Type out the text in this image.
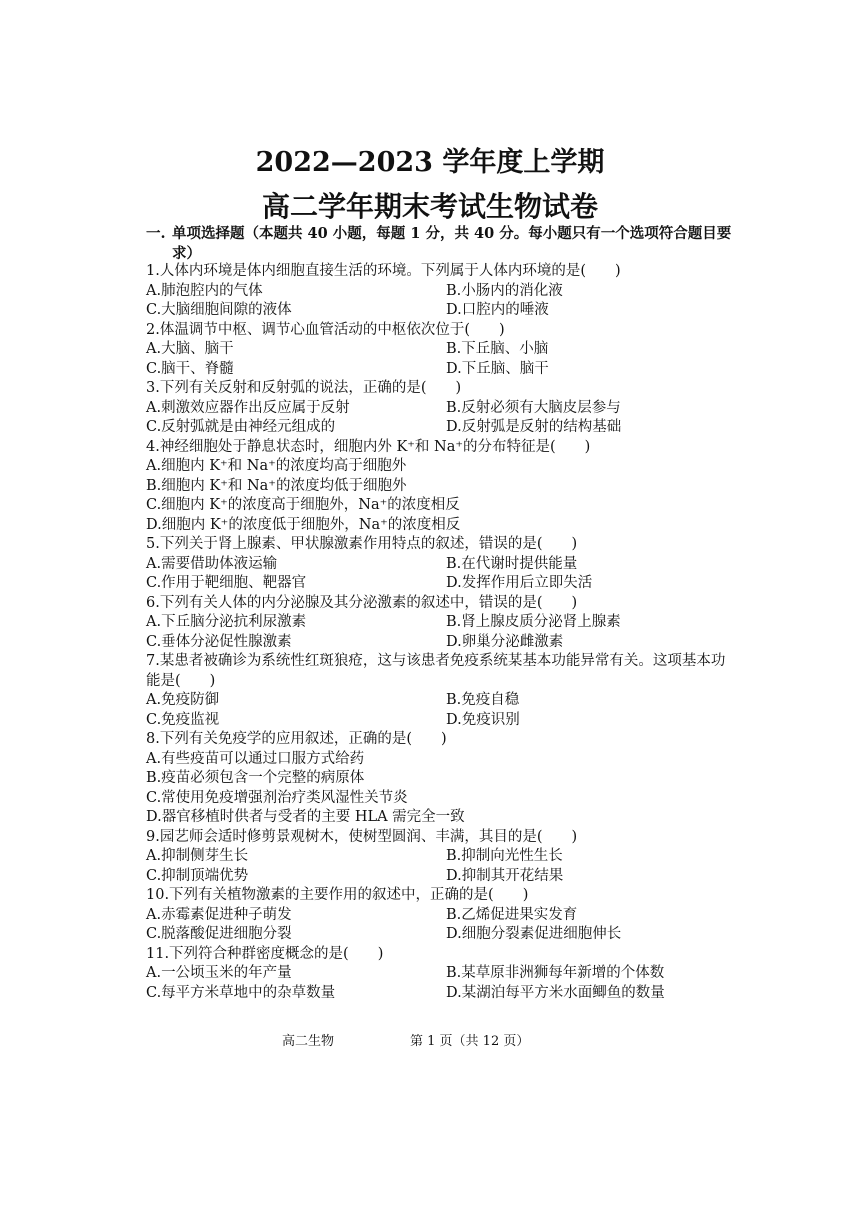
2022—2023 学年度上学期
高二学年期末考试生物试卷
一. 单项选择题（本题共 40 小题，每题 1 分，共 40 分。每小题只有一个选项符合题目要求）
1.人体内环境是体内细胞直接生活的环境。下列属于人体内环境的是(　　)
A.肺泡腔内的气体	B.小肠内的消化液
C.大脑细胞间隙的液体	D.口腔内的唾液
2.体温调节中枢、调节心血管活动的中枢依次位于(　　)
A.大脑、脑干	B.下丘脑、小脑
C.脑干、脊髓	D.下丘脑、脑干
3.下列有关反射和反射弧的说法，正确的是(　　)
A.刺激效应器作出反应属于反射	B.反射必须有大脑皮层参与
C.反射弧就是由神经元组成的	D.反射弧是反射的结构基础
4.神经细胞处于静息状态时，细胞内外 K⁺和 Na⁺的分布特征是(　　)
A.细胞内 K⁺和 Na⁺的浓度均高于细胞外
B.细胞内 K⁺和 Na⁺的浓度均低于细胞外
C.细胞内 K⁺的浓度高于细胞外，Na⁺的浓度相反
D.细胞内 K⁺的浓度低于细胞外，Na⁺的浓度相反
5.下列关于肾上腺素、甲状腺激素作用特点的叙述，错误的是(　　)
A.需要借助体液运输	B.在代谢时提供能量
C.作用于靶细胞、靶器官	D.发挥作用后立即失活
6.下列有关人体的内分泌腺及其分泌激素的叙述中，错误的是(　　)
A.下丘脑分泌抗利尿激素	B.肾上腺皮质分泌肾上腺素
C.垂体分泌促性腺激素	D.卵巢分泌雌激素
7.某患者被确诊为系统性红斑狼疮，这与该患者免疫系统某基本功能异常有关。这项基本功能是(　　)
A.免疫防御	B.免疫自稳
C.免疫监视	D.免疫识别
8.下列有关免疫学的应用叙述，正确的是(　　)
A.有些疫苗可以通过口服方式给药
B.疫苗必须包含一个完整的病原体
C.常使用免疫增强剂治疗类风湿性关节炎
D.器官移植时供者与受者的主要 HLA 需完全一致
9.园艺师会适时修剪景观树木，使树型圆润、丰满，其目的是(　　)
A.抑制侧芽生长	B.抑制向光性生长
C.抑制顶端优势	D.抑制其开花结果
10.下列有关植物激素的主要作用的叙述中，正确的是(　　)
A.赤霉素促进种子萌发	B.乙烯促进果实发育
C.脱落酸促进细胞分裂	D.细胞分裂素促进细胞伸长
11.下列符合种群密度概念的是(　　)
A.一公顷玉米的年产量	B.某草原非洲狮每年新增的个体数
C.每平方米草地中的杂草数量	D.某湖泊每平方米水面鲫鱼的数量
高二生物	第 1 页（共 12 页）
